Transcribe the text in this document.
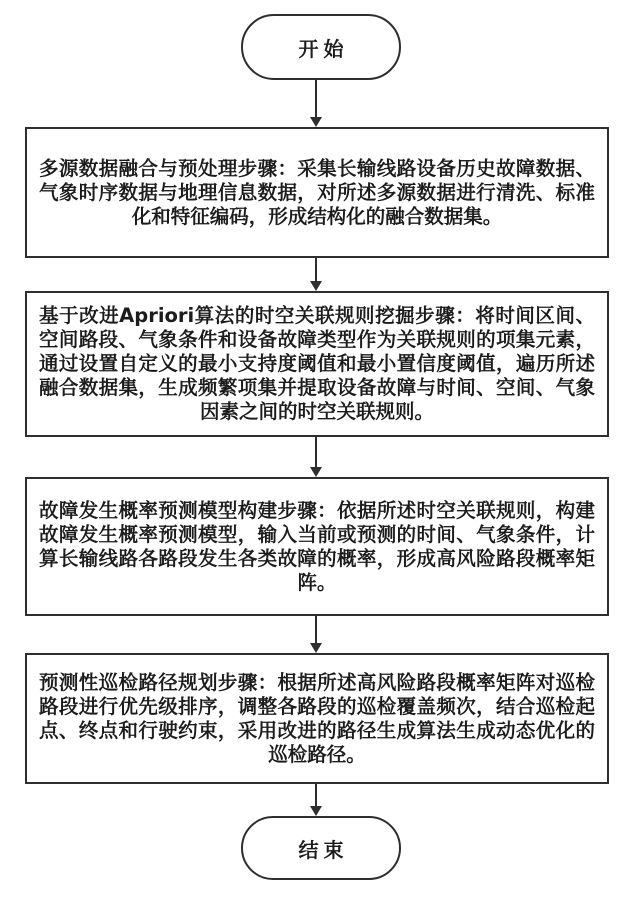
开始

多源数据融合与预处理步骤：采集长输线路设备历史故障数据、气象时序数据与地理信息数据，对所述多源数据进行清洗、标准化和特征编码，形成结构化的融合数据集。

基于改进Apriori算法的时空关联规则挖掘步骤：将时间区间、空间路段、气象条件和设备故障类型作为关联规则的项集元素，通过设置自定义的最小支持度阈值和最小置信度阈值，遍历所述融合数据集，生成频繁项集并提取设备故障与时间、空间、气象因素之间的时空关联规则。

故障发生概率预测模型构建步骤：依据所述时空关联规则，构建故障发生概率预测模型，输入当前或预测的时间、气象条件，计算长输线路各路段发生各类故障的概率，形成高风险路段概率矩阵。

预测性巡检路径规划步骤：根据所述高风险路段概率矩阵对巡检路段进行优先级排序，调整各路段的巡检覆盖频次，结合巡检起点、终点和行驶约束，采用改进的路径生成算法生成动态优化的巡检路径。

结束
